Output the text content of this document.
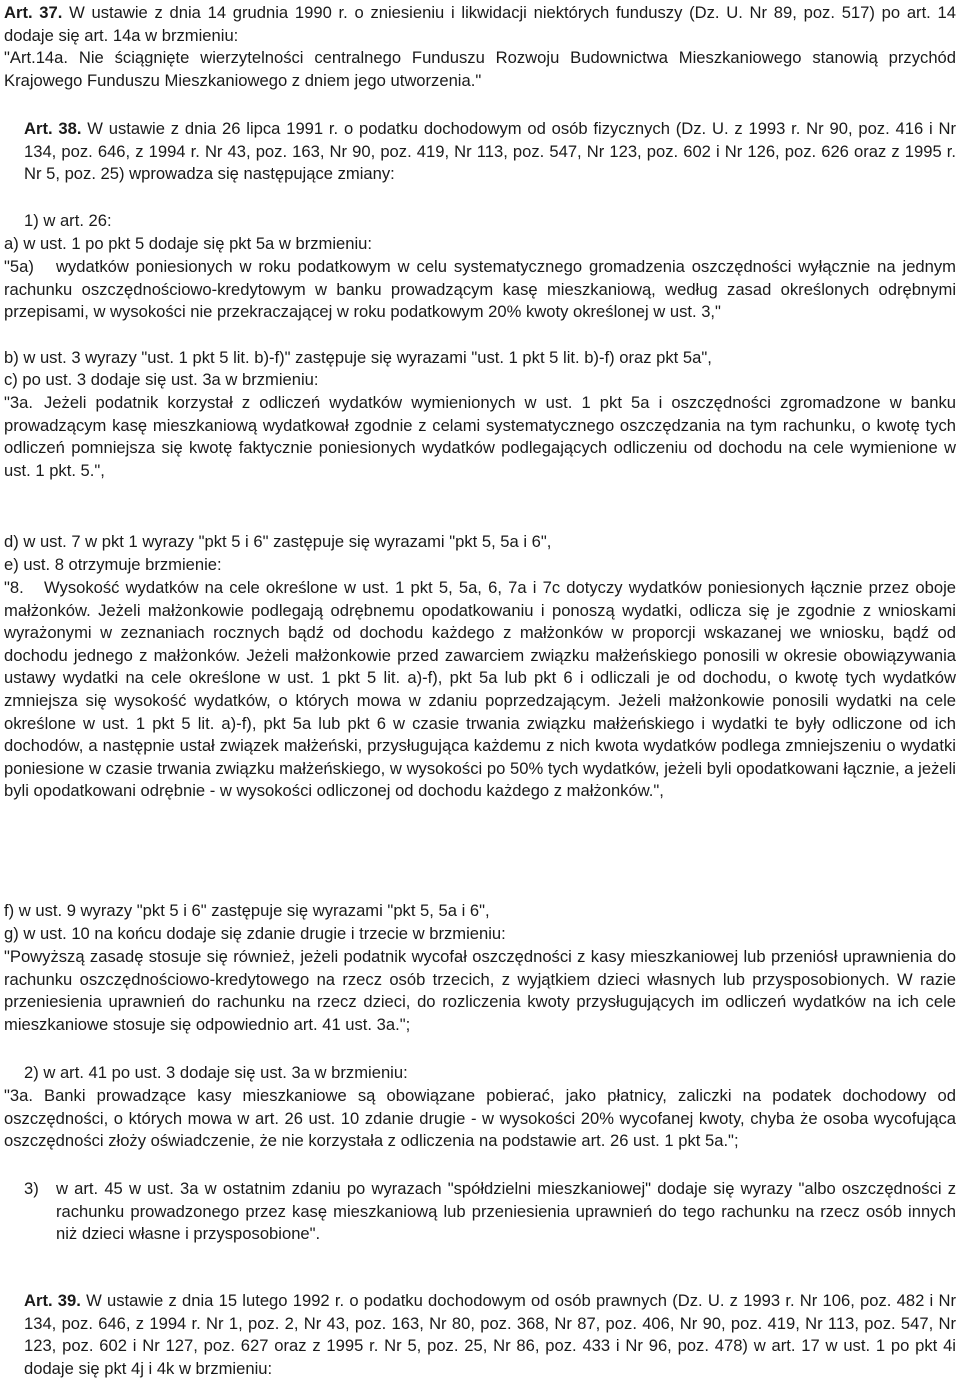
Art. 37. W ustawie z dnia 14 grudnia 1990 r. o zniesieniu i likwidacji niektórych funduszy (Dz. U. Nr 89, poz. 517) po art. 14 dodaje się art. 14a w brzmieniu:

"Art.14a. Nie ściągnięte wierzytelności centralnego Funduszu Rozwoju Budownictwa Mieszkaniowego stanowią przychód Krajowego Funduszu Mieszkaniowego z dniem jego utworzenia."

Art. 38. W ustawie z dnia 26 lipca 1991 r. o podatku dochodowym od osób fizycznych (Dz. U. z 1993 r. Nr 90, poz. 416 i Nr 134, poz. 646, z 1994 r. Nr 43, poz. 163, Nr 90, poz. 419, Nr 113, poz. 547, Nr 123, poz. 602 i Nr 126, poz. 626 oraz z 1995 r. Nr 5, poz. 25) wprowadza się następujące zmiany:

1) w art. 26:

a) w ust. 1 po pkt 5 dodaje się pkt 5a w brzmieniu:

"5a) wydatków poniesionych w roku podatkowym w celu systematycznego gromadzenia oszczędności wyłącznie na jednym rachunku oszczędnościowo-kredytowym w banku prowadzącym kasę mieszkaniową, według zasad określonych odrębnymi przepisami, w wysokości nie przekraczającej w roku podatkowym 20% kwoty określonej w ust. 3,"

b) w ust. 3 wyrazy "ust. 1 pkt 5 lit. b)-f)" zastępuje się wyrazami "ust. 1 pkt 5 lit. b)-f) oraz pkt 5a",

c) po ust. 3 dodaje się ust. 3a w brzmieniu:

"3a. Jeżeli podatnik korzystał z odliczeń wydatków wymienionych w ust. 1 pkt 5a i oszczędności zgromadzone w banku prowadzącym kasę mieszkaniową wydatkował zgodnie z celami systematycznego oszczędzania na tym rachunku, o kwotę tych odliczeń pomniejsza się kwotę faktycznie poniesionych wydatków podlegających odliczeniu od dochodu na cele wymienione w ust. 1 pkt. 5.",

d) w ust. 7 w pkt 1 wyrazy "pkt 5 i 6" zastępuje się wyrazami "pkt 5, 5a i 6",

e) ust. 8 otrzymuje brzmienie:

"8. Wysokość wydatków na cele określone w ust. 1 pkt 5, 5a, 6, 7a i 7c dotyczy wydatków poniesionych łącznie przez oboje małżonków. Jeżeli małżonkowie podlegają odrębnemu opodatkowaniu i ponoszą wydatki, odlicza się je zgodnie z wnioskami wyrażonymi w zeznaniach rocznych bądź od dochodu każdego z małżonków w proporcji wskazanej we wniosku, bądź od dochodu jednego z małżonków. Jeżeli małżonkowie przed zawarciem związku małżeńskiego ponosili w okresie obowiązywania ustawy wydatki na cele określone w ust. 1 pkt 5 lit. a)-f), pkt 5a lub pkt 6 i odliczali je od dochodu, o kwotę tych wydatków zmniejsza się wysokość wydatków, o których mowa w zdaniu poprzedzającym. Jeżeli małżonkowie ponosili wydatki na cele określone w ust. 1 pkt 5 lit. a)-f), pkt 5a lub pkt 6 w czasie trwania związku małżeńskiego i wydatki te były odliczone od ich dochodów, a następnie ustał związek małżeński, przysługująca każdemu z nich kwota wydatków podlega zmniejszeniu o wydatki poniesione w czasie trwania związku małżeńskiego, w wysokości po 50% tych wydatków, jeżeli byli opodatkowani łącznie, a jeżeli byli opodatkowani odrębnie - w wysokości odliczonej od dochodu każdego z małżonków.",

f) w ust. 9 wyrazy "pkt 5 i 6" zastępuje się wyrazami "pkt 5, 5a i 6",

g) w ust. 10 na końcu dodaje się zdanie drugie i trzecie w brzmieniu:

"Powyższą zasadę stosuje się również, jeżeli podatnik wycofał oszczędności z kasy mieszkaniowej lub przeniósł uprawnienia do rachunku oszczędnościowo-kredytowego na rzecz osób trzecich, z wyjątkiem dzieci własnych lub przysposobionych. W razie przeniesienia uprawnień do rachunku na rzecz dzieci, do rozliczenia kwoty przysługujących im odliczeń wydatków na ich cele mieszkaniowe stosuje się odpowiednio art. 41 ust. 3a.";

2) w art. 41 po ust. 3 dodaje się ust. 3a w brzmieniu:

"3a. Banki prowadzące kasy mieszkaniowe są obowiązane pobierać, jako płatnicy, zaliczki na podatek dochodowy od oszczędności, o których mowa w art. 26 ust. 10 zdanie drugie - w wysokości 20% wycofanej kwoty, chyba że osoba wycofująca oszczędności złoży oświadczenie, że nie korzystała z odliczenia na podstawie art. 26 ust. 1 pkt 5a.";

3) w art. 45 w ust. 3a w ostatnim zdaniu po wyrazach "spółdzielni mieszkaniowej" dodaje się wyrazy "albo oszczędności z rachunku prowadzonego przez kasę mieszkaniową lub przeniesienia uprawnień do tego rachunku na rzecz osób innych niż dzieci własne i przysposobione".

Art. 39. W ustawie z dnia 15 lutego 1992 r. o podatku dochodowym od osób prawnych (Dz. U. z 1993 r. Nr 106, poz. 482 i Nr 134, poz. 646, z 1994 r. Nr 1, poz. 2, Nr 43, poz. 163, Nr 80, poz. 368, Nr 87, poz. 406, Nr 90, poz. 419, Nr 113, poz. 547, Nr 123, poz. 602 i Nr 127, poz. 627 oraz z 1995 r. Nr 5, poz. 25, Nr 86, poz. 433 i Nr 96, poz. 478) w art. 17 w ust. 1 po pkt 4i dodaje się pkt 4j i 4k w brzmieniu:
